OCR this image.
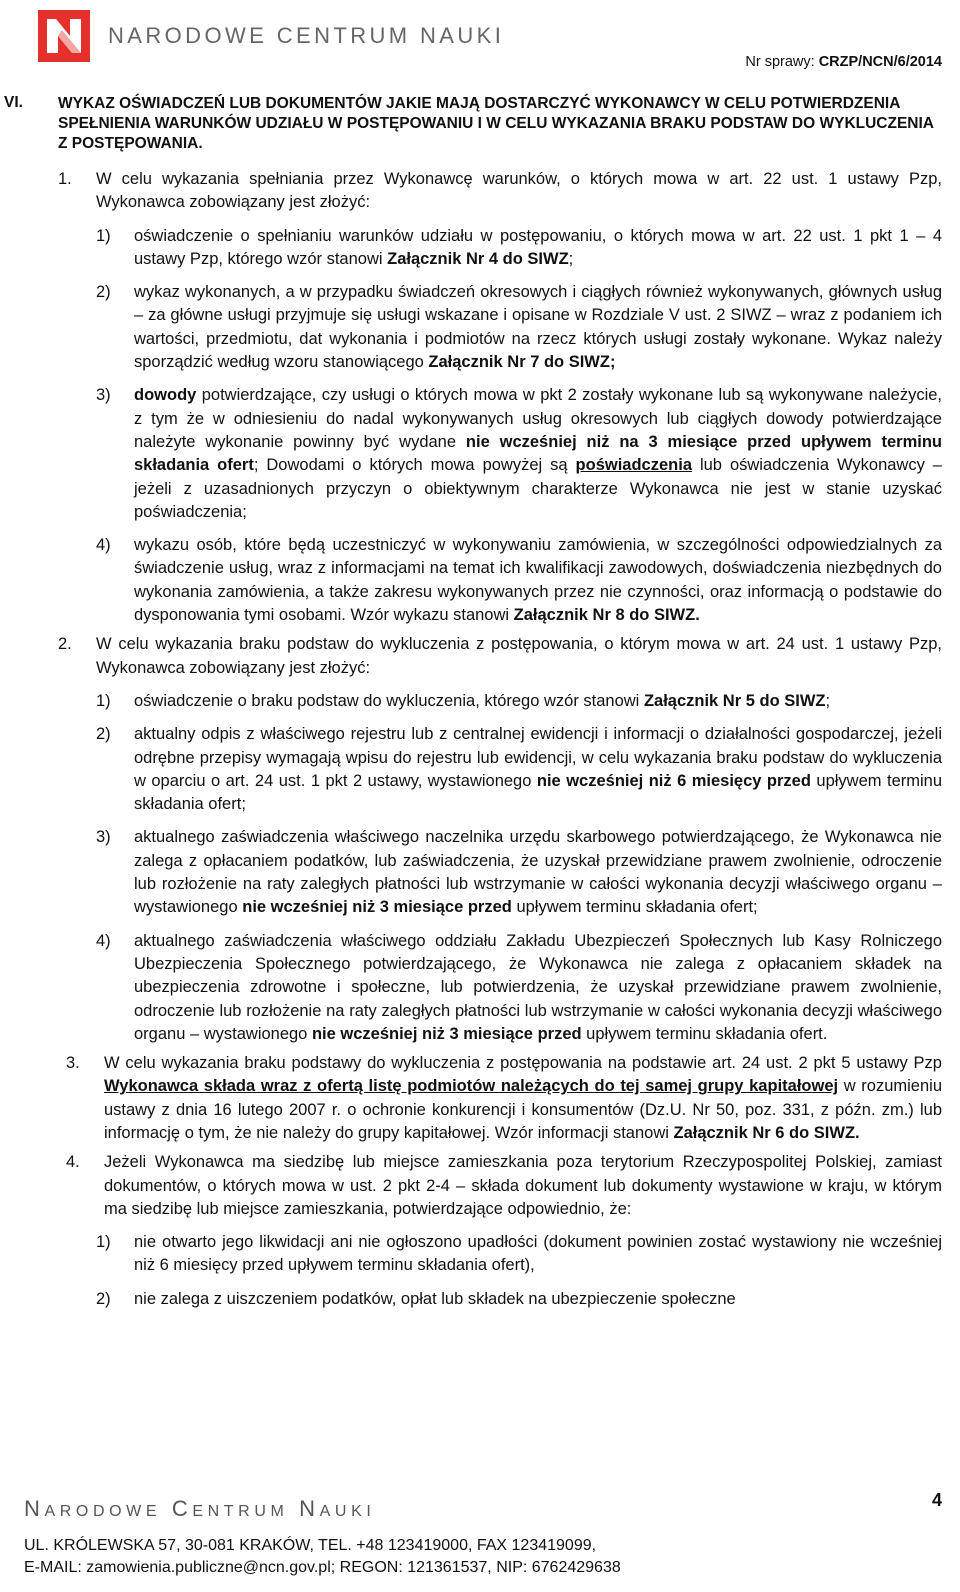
NARODOWE CENTRUM NAUKI
Nr sprawy: CRZP/NCN/6/2014
VI. WYKAZ OŚWIADCZEŃ LUB DOKUMENTÓW JAKIE MAJĄ DOSTARCZYĆ WYKONAWCY W CELU POTWIERDZENIA SPEŁNIENIA WARUNKÓW UDZIAŁU W POSTĘPOWANIU I W CELU WYKAZANIA BRAKU PODSTAW DO WYKLUCZENIA Z POSTĘPOWANIA.

1. W celu wykazania spełniania przez Wykonawcę warunków, o których mowa w art. 22 ust. 1 ustawy Pzp, Wykonawca zobowiązany jest złożyć:
1) oświadczenie o spełnianiu warunków udziału w postępowaniu, o których mowa w art. 22 ust. 1 pkt 1 – 4 ustawy Pzp, którego wzór stanowi Załącznik Nr 4 do SIWZ;
2) wykaz wykonanych, a w przypadku świadczeń okresowych i ciągłych również wykonywanych, głównych usług – za główne usługi przyjmuje się usługi wskazane i opisane w Rozdziale V ust. 2 SIWZ – wraz z podaniem ich wartości, przedmiotu, dat wykonania i podmiotów na rzecz których usługi zostały wykonane. Wykaz należy sporządzić według wzoru stanowiącego Załącznik Nr 7 do SIWZ;
3) dowody potwierdzające, czy usługi o których mowa w pkt 2 zostały wykonane lub są wykonywane należycie, z tym że w odniesieniu do nadal wykonywanych usług okresowych lub ciągłych dowody potwierdzające należyte wykonanie powinny być wydane nie wcześniej niż na 3 miesiące przed upływem terminu składania ofert; Dowodami o których mowa powyżej są poświadczenia lub oświadczenia Wykonawcy – jeżeli z uzasadnionych przyczyn o obiektywnym charakterze Wykonawca nie jest w stanie uzyskać poświadczenia;
4) wykazu osób, które będą uczestniczyć w wykonywaniu zamówienia, w szczególności odpowiedzialnych za świadczenie usług, wraz z informacjami na temat ich kwalifikacji zawodowych, doświadczenia niezbędnych do wykonania zamówienia, a także zakresu wykonywanych przez nie czynności, oraz informacją o podstawie do dysponowania tymi osobami. Wzór wykazu stanowi Załącznik Nr 8 do SIWZ.
2. W celu wykazania braku podstaw do wykluczenia z postępowania, o którym mowa w art. 24 ust. 1 ustawy Pzp, Wykonawca zobowiązany jest złożyć:
1) oświadczenie o braku podstaw do wykluczenia, którego wzór stanowi Załącznik Nr 5 do SIWZ;
2) aktualny odpis z właściwego rejestru lub z centralnej ewidencji i informacji o działalności gospodarczej, jeżeli odrębne przepisy wymagają wpisu do rejestru lub ewidencji, w celu wykazania braku podstaw do wykluczenia w oparciu o art. 24 ust. 1 pkt 2 ustawy, wystawionego nie wcześniej niż 6 miesięcy przed upływem terminu składania ofert;
3) aktualnego zaświadczenia właściwego naczelnika urzędu skarbowego potwierdzającego, że Wykonawca nie zalega z opłacaniem podatków, lub zaświadczenia, że uzyskał przewidziane prawem zwolnienie, odroczenie lub rozłożenie na raty zaległych płatności lub wstrzymanie w całości wykonania decyzji właściwego organu – wystawionego nie wcześniej niż 3 miesiące przed upływem terminu składania ofert;
4) aktualnego zaświadczenia właściwego oddziału Zakładu Ubezpieczeń Społecznych lub Kasy Rolniczego Ubezpieczenia Społecznego potwierdzającego, że Wykonawca nie zalega z opłacaniem składek na ubezpieczenia zdrowotne i społeczne, lub potwierdzenia, że uzyskał przewidziane prawem zwolnienie, odroczenie lub rozłożenie na raty zaległych płatności lub wstrzymanie w całości wykonania decyzji właściwego organu – wystawionego nie wcześniej niż 3 miesiące przed upływem terminu składania ofert.
3. W celu wykazania braku podstawy do wykluczenia z postępowania na podstawie art. 24 ust. 2 pkt 5 ustawy Pzp Wykonawca składa wraz z ofertą listę podmiotów należących do tej samej grupy kapitałowej w rozumieniu ustawy z dnia 16 lutego 2007 r. o ochronie konkurencji i konsumentów (Dz.U. Nr 50, poz. 331, z późn. zm.) lub informację o tym, że nie należy do grupy kapitałowej. Wzór informacji stanowi Załącznik Nr 6 do SIWZ.
4. Jeżeli Wykonawca ma siedzibę lub miejsce zamieszkania poza terytorium Rzeczypospolitej Polskiej, zamiast dokumentów, o których mowa w ust. 2 pkt 2-4 – składa dokument lub dokumenty wystawione w kraju, w którym ma siedzibę lub miejsce zamieszkania, potwierdzające odpowiednio, że:
1) nie otwarto jego likwidacji ani nie ogłoszono upadłości (dokument powinien zostać wystawiony nie wcześniej niż 6 miesięcy przed upływem terminu składania ofert),
2) nie zalega z uiszczeniem podatków, opłat lub składek na ubezpieczenie społeczne
NARODOWE CENTRUM NAUKI
4
UL. KRÓLEWSKA 57, 30-081 KRAKÓW, TEL. +48 123419000, FAX 123419099,
E-MAIL: zamowienia.publiczne@ncn.gov.pl; REGON: 121361537, NIP: 6762429638
